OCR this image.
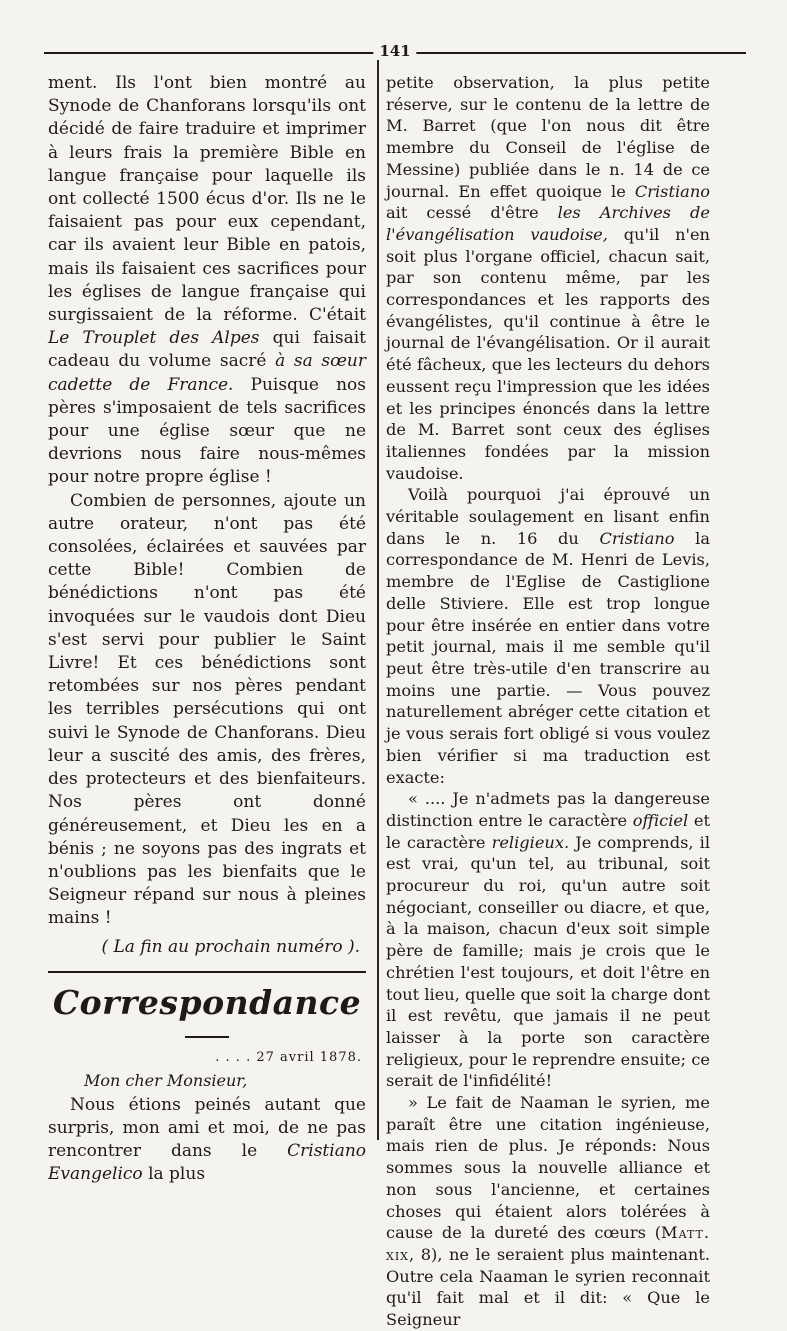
141

ment. Ils l'ont bien montré au Synode de Chanforans lorsqu'ils ont décidé de faire traduire et imprimer à leurs frais la première Bible en langue française pour laquelle ils ont collecté 1500 écus d'or. Ils ne le faisaient pas pour eux cependant, car ils avaient leur Bible en patois, mais ils faisaient ces sacrifices pour les églises de langue française qui surgissaient de la réforme. C'était Le Trouplet des Alpes qui faisait cadeau du volume sacré à sa sœur cadette de France. Puisque nos pères s'imposaient de tels sacrifices pour une église sœur que ne devrions nous faire nous-mêmes pour notre propre église !

Combien de personnes, ajoute un autre orateur, n'ont pas été consolées, éclairées et sauvées par cette Bible! Combien de bénédictions n'ont pas été invoquées sur le vaudois dont Dieu s'est servi pour publier le Saint Livre! Et ces bénédictions sont retombées sur nos pères pendant les terribles persécutions qui ont suivi le Synode de Chanforans. Dieu leur a suscité des amis, des frères, des protecteurs et des bienfaiteurs. Nos pères ont donné généreusement, et Dieu les en a bénis ; ne soyons pas des ingrats et n'oublions pas les bienfaits que le Seigneur répand sur nous à pleines mains !

( La fin au prochain numéro ).
Correspondance
. . . . 27 avril 1878.
Mon cher Monsieur,

Nous étions peinés autant que surpris, mon ami et moi, de ne pas rencontrer dans le Cristiano Evangelico la plus

petite observation, la plus petite réserve, sur le contenu de la lettre de M. Barret (que l'on nous dit être membre du Conseil de l'église de Messine) publiée dans le n. 14 de ce journal. En effet quoique le Cristiano ait cessé d'être les Archives de l'évangélisation vaudoise, qu'il n'en soit plus l'organe officiel, chacun sait, par son contenu même, par les correspondances et les rapports des évangélistes, qu'il continue à être le journal de l'évangélisation. Or il aurait été fâcheux, que les lecteurs du dehors eussent reçu l'impression que les idées et les principes énoncés dans la lettre de M. Barret sont ceux des églises italiennes fondées par la mission vaudoise.

Voilà pourquoi j'ai éprouvé un véritable soulagement en lisant enfin dans le n. 16 du Cristiano la correspondance de M. Henri de Levis, membre de l'Eglise de Castiglione delle Stiviere. Elle est trop longue pour être insérée en entier dans votre petit journal, mais il me semble qu'il peut être très-utile d'en transcrire au moins une partie. — Vous pouvez naturellement abréger cette citation et je vous serais fort obligé si vous voulez bien vérifier si ma traduction est exacte:

« .... Je n'admets pas la dangereuse distinction entre le caractère officiel et le caractère religieux. Je comprends, il est vrai, qu'un tel, au tribunal, soit procureur du roi, qu'un autre soit négociant, conseiller ou diacre, et que, à la maison, chacun d'eux soit simple père de famille; mais je crois que le chrétien l'est toujours, et doit l'être en tout lieu, quelle que soit la charge dont il est revêtu, que jamais il ne peut laisser à la porte son caractère religieux, pour le reprendre ensuite; ce serait de l'infidélité!

» Le fait de Naaman le syrien, me paraît être une citation ingénieuse, mais rien de plus. Je réponds: Nous sommes sous la nouvelle alliance et non sous l'ancienne, et certaines choses qui étaient alors tolérées à cause de la dureté des cœurs (Matt. xix, 8), ne le seraient plus maintenant. Outre cela Naaman le syrien reconnait qu'il fait mal et il dit: « Que le Seigneur
